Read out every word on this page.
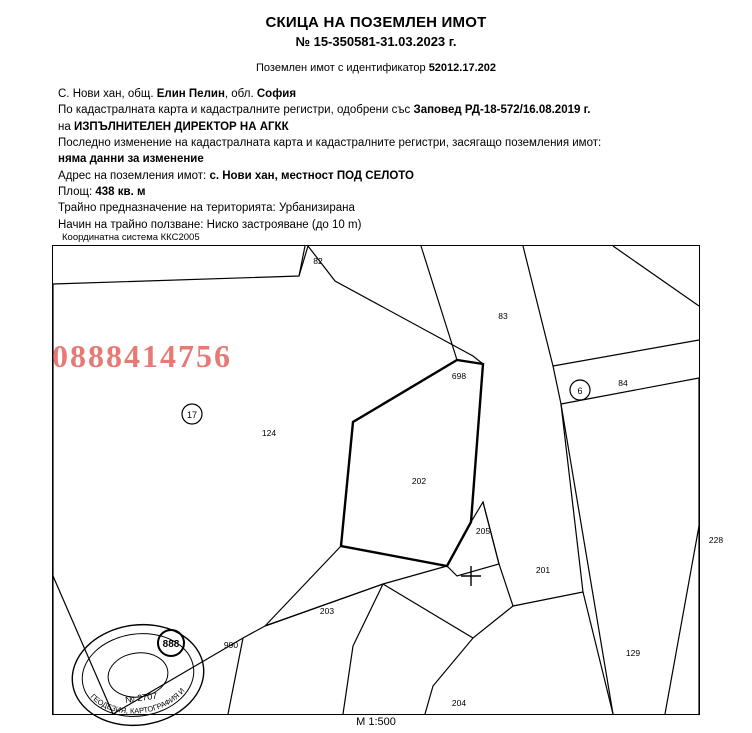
СКИЦА НА ПОЗЕМЛЕН ИМОТ
№ 15-350581-31.03.2023 г.
Поземлен имот с идентификатор 52012.17.202
С. Нови хан, общ. Елин Пелин, обл. София
По кадастралната карта и кадастралните регистри, одобрени със Заповед РД-18-572/16.08.2019 г.
на ИЗПЪЛНИТЕЛЕН ДИРЕКТОР НА АГКК
Последно изменение на кадастралната карта и кадастралните регистри, засягащо поземления имот:
няма данни за изменение
Адрес на поземления имот: с. Нови хан, местност ПОД СЕЛОТО
Площ: 438 кв. м
Трайно предназначение на територията: Урбанизирана
Начин на трайно ползване: Ниско застрояване (до 10 m)
Координатна система ККС2005
17
6
888
82
83
698
84
124
202
205
201
228
203
129
990
204
0888414756
ГЕОДЕЗИЯ, КАРТОГРАФИЯ И
№ 2707
М 1:500
